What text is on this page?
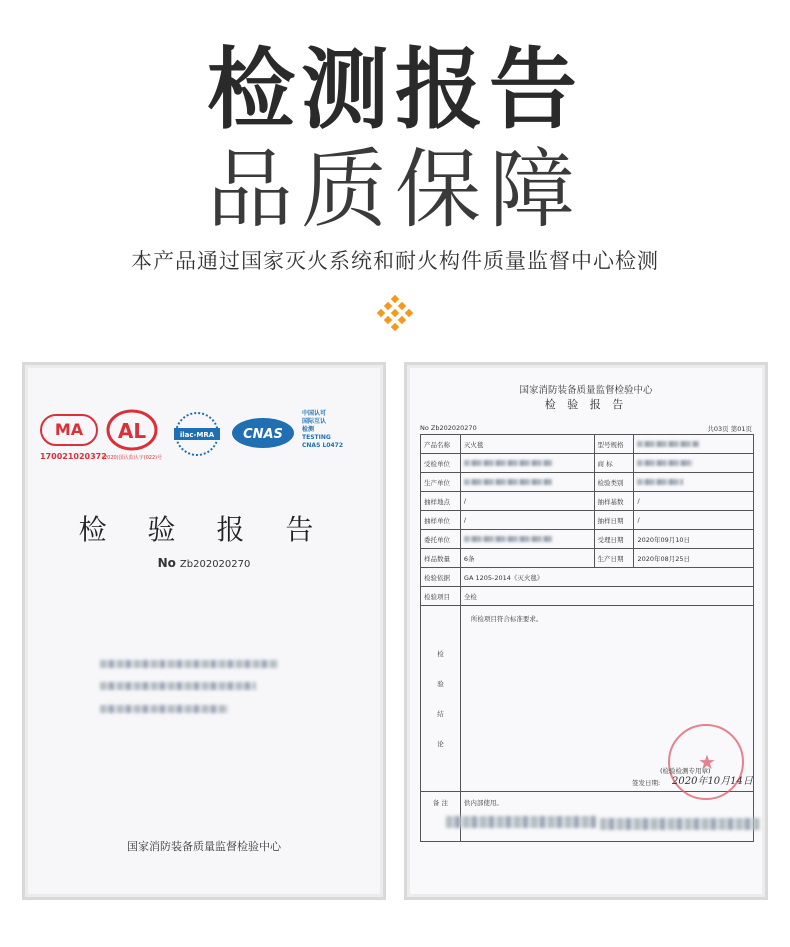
检测报告
品质保障
本产品通过国家灭火系统和耐火构件质量监督中心检测
MA
170021020372
AL
(2020)国认监认字(022)号
ilac-MRA CNAS
中国认可
国际互认
检测
TESTING
CNAS L0472
检 验 报 告
No Zb202020270
国家消防装备质量监督检验中心
国家消防装备质量监督检验中心
检 验 报 告
No Zb202020270	共03页 第01页
产品名称	灭火毯	型号规格	
受检单位		商 标	
生产单位		检验类别	
抽样地点	/	抽样基数	/
抽样单位	/	抽样日期	/
委托单位		受理日期	2020年09月10日
样品数量	6条	生产日期	2020年08月25日
检验依据	GA 1205-2014《灭火毯》		
检验项目	全检		

检
验
结
论	所检项目符合标准要求。		
备 注	供内部使用。		
★
(检验检测专用章)
签发日期: 2020年10月14日
